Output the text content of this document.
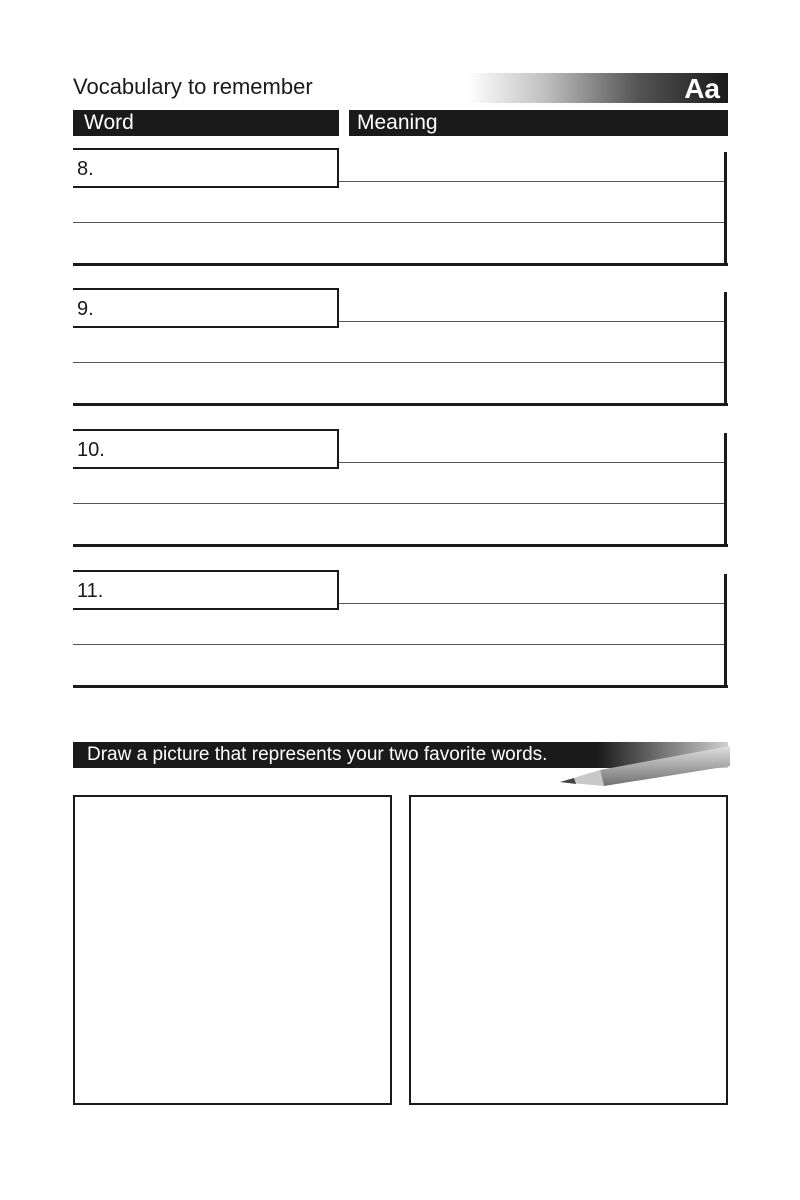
Vocabulary to remember	Aa
Word	Meaning
8.
9.
10.
11.
Draw a picture that represents your two favorite words.
